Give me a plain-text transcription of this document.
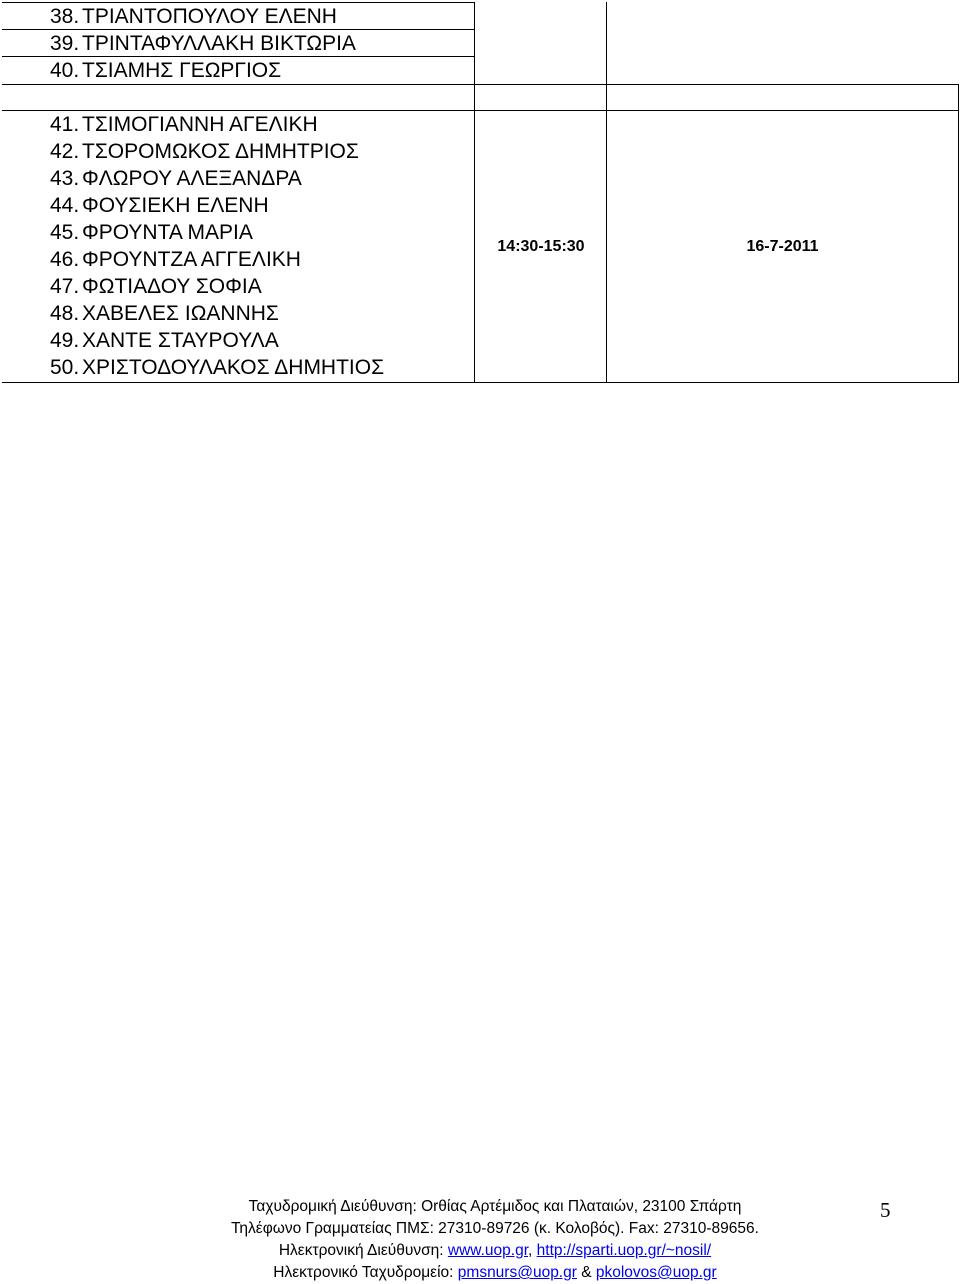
38. ΤΡΙΑΝΤΟΠΟΥΛΟΥ ΕΛΕΝΗ
39. ΤΡΙΝΤΑΦΥΛΛΑΚΗ ΒΙΚΤΩΡΙΑ
40. ΤΣΙΑΜΗΣ ΓΕΩΡΓΙΟΣ
41. ΤΣΙΜΟΓΙΑΝΝΗ ΑΓΕΛΙΚΗ
42. ΤΣΟΡΟΜΩΚΟΣ ΔΗΜΗΤΡΙΟΣ
43. ΦΛΩΡΟΥ ΑΛΕΞΑΝΔΡΑ
44. ΦΟΥΣΙΕΚΗ ΕΛΕΝΗ
45. ΦΡΟΥΝΤΑ ΜΑΡΙΑ
46. ΦΡΟΥΝΤΖΑ ΑΓΓΕΛΙΚΗ
47. ΦΩΤΙΑΔΟΥ ΣΟΦΙΑ
48. ΧΑΒΕΛΕΣ ΙΩΑΝΝΗΣ
49. ΧΑΝΤΕ ΣΤΑΥΡΟΥΛΑ
50. ΧΡΙΣΤΟΔΟΥΛΑΚΟΣ ΔΗΜΗΤΙΟΣ
14:30-15:30	16-7-2011
Ταχυδρομική Διεύθυνση: Οrθίας Αρτέμιδος και Πλαταιών, 23100 Σπάρτη
Τηλέφωνο Γραμματείας ΠΜΣ: 27310-89726 (κ. Κολοβός). Fax: 27310-89656.
Ηλεκτρονική Διεύθυνση: www.uop.gr, http://sparti.uop.gr/~nosil/
Ηλεκτρονικό Ταχυδρομείο: pmsnurs@uop.gr & pkolovos@uop.gr
5
